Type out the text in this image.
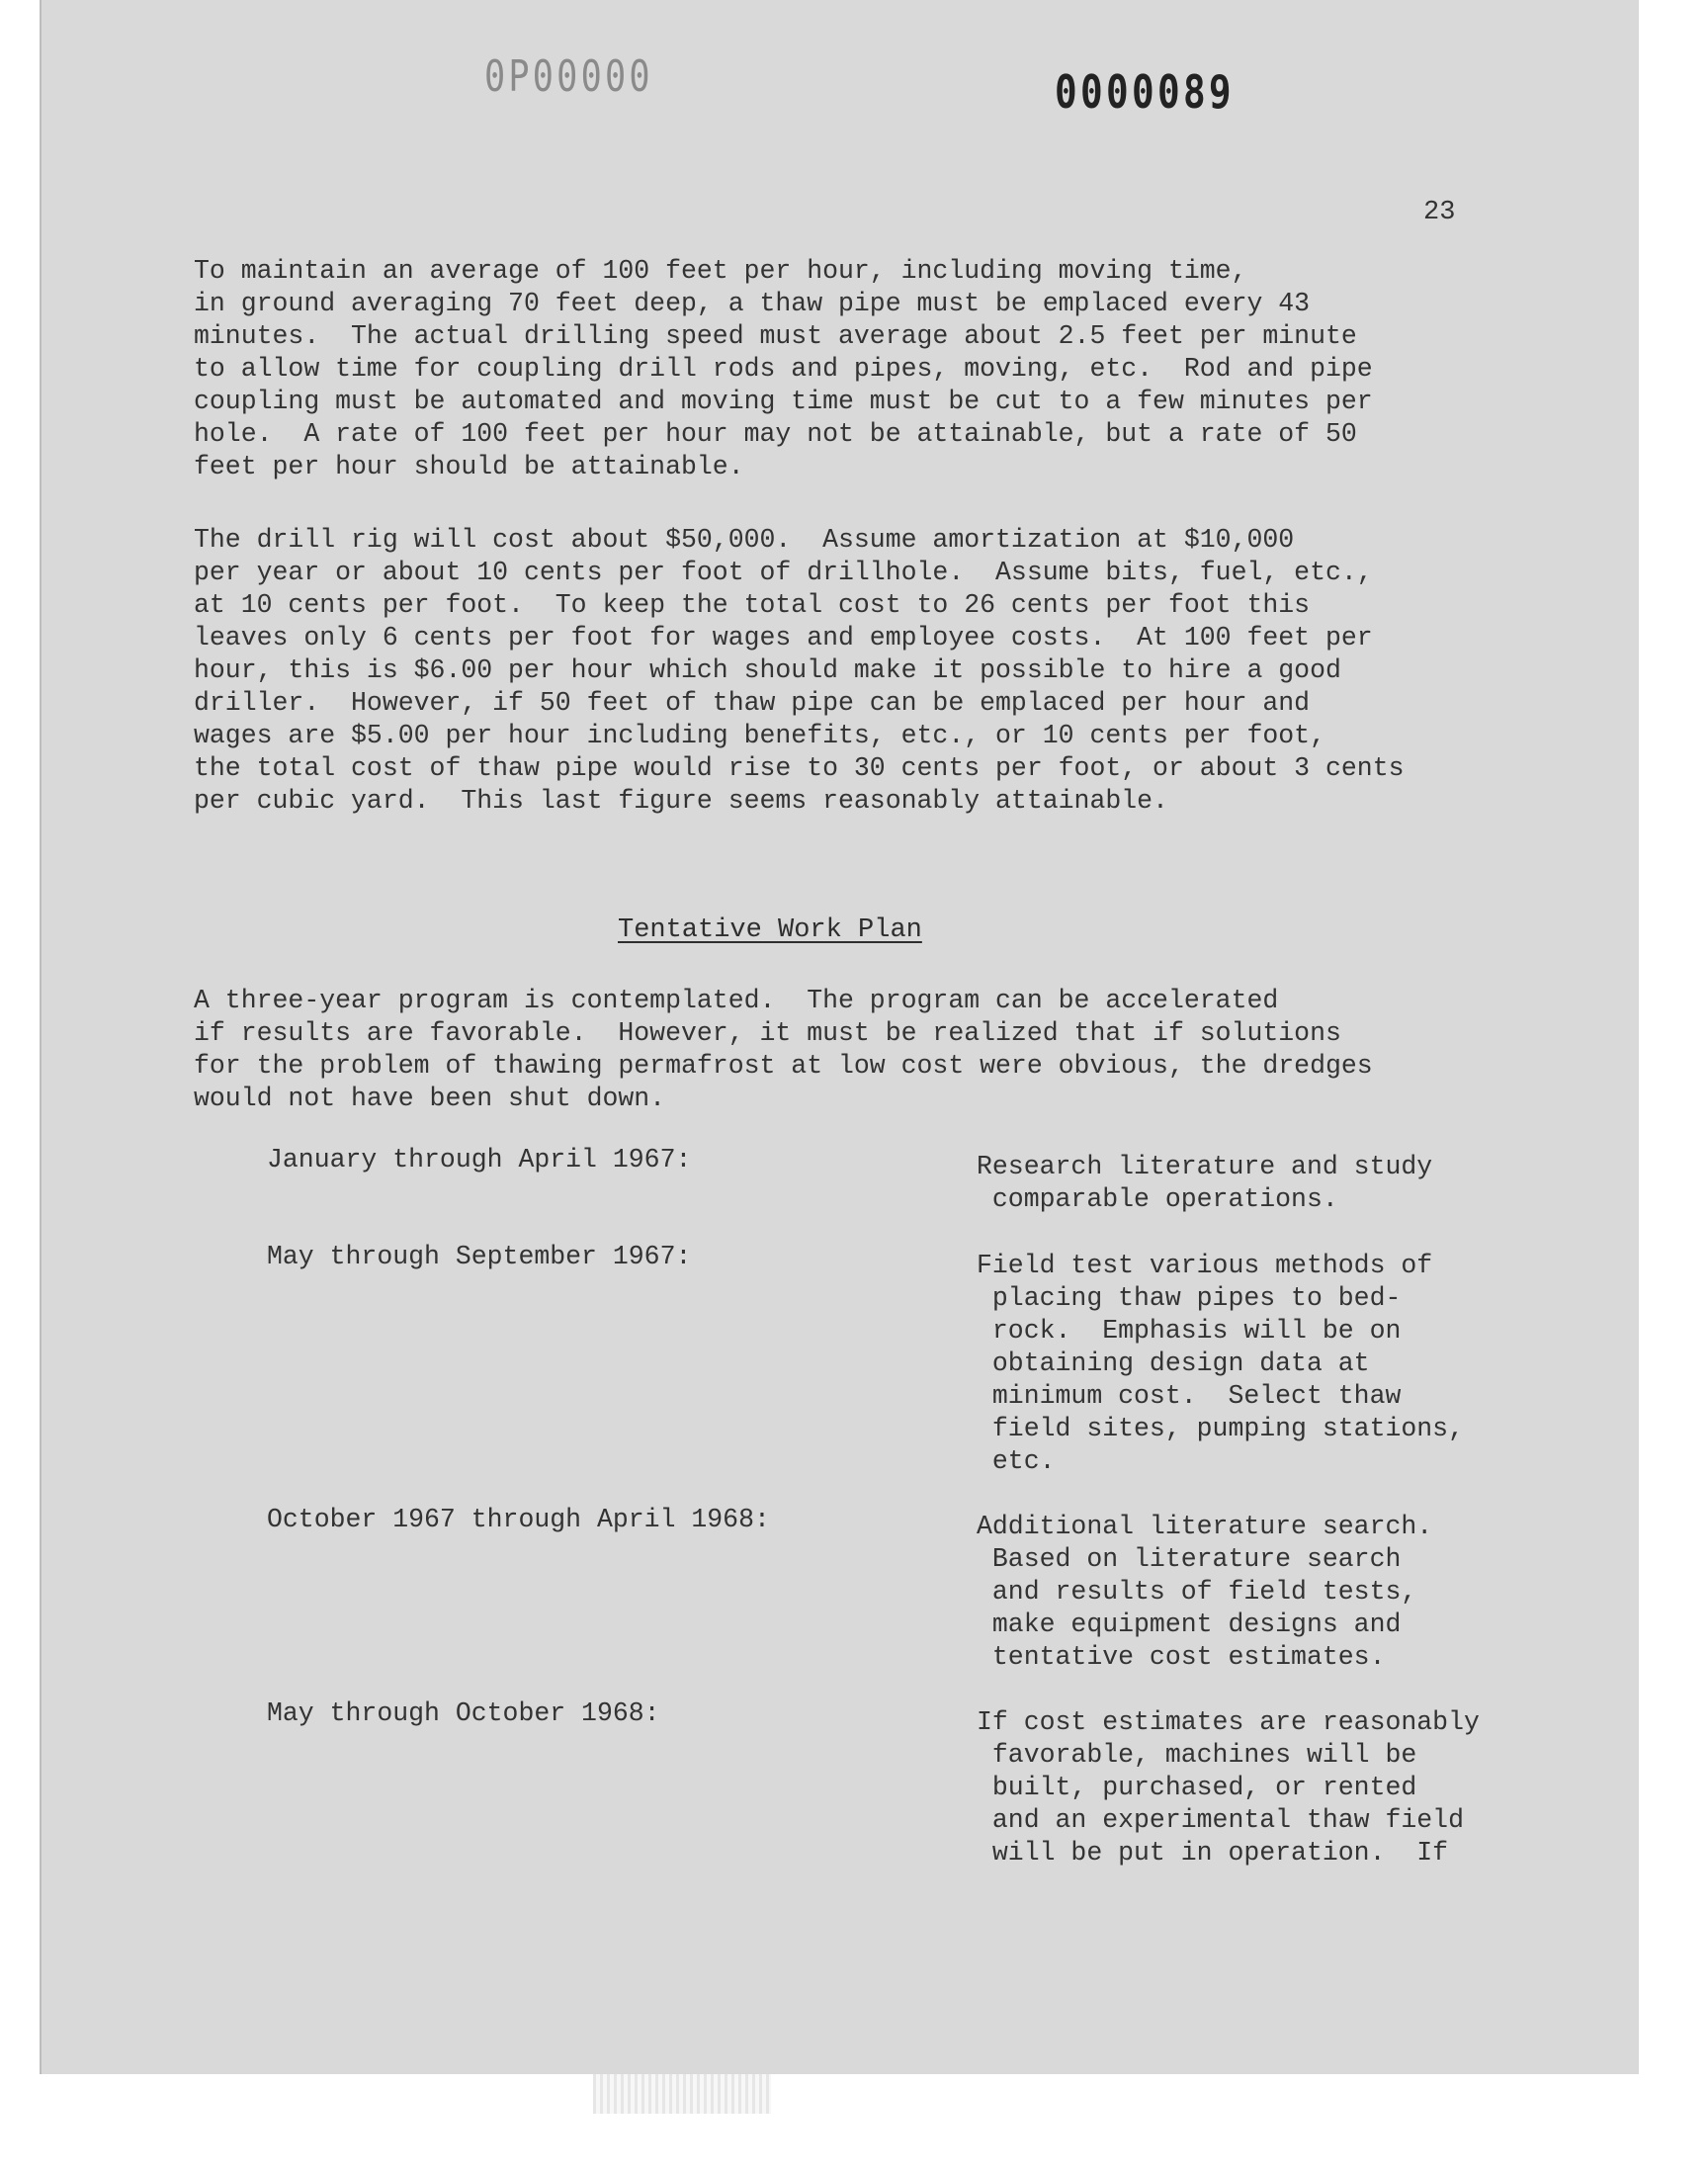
0P00000	0000089
23

To maintain an average of 100 feet per hour, including moving time,
in ground averaging 70 feet deep, a thaw pipe must be emplaced every 43
minutes.  The actual drilling speed must average about 2.5 feet per minute
to allow time for coupling drill rods and pipes, moving, etc.  Rod and pipe
coupling must be automated and moving time must be cut to a few minutes per
hole.  A rate of 100 feet per hour may not be attainable, but a rate of 50
feet per hour should be attainable.

The drill rig will cost about $50,000.  Assume amortization at $10,000
per year or about 10 cents per foot of drillhole.  Assume bits, fuel, etc.,
at 10 cents per foot.  To keep the total cost to 26 cents per foot this
leaves only 6 cents per foot for wages and employee costs.  At 100 feet per
hour, this is $6.00 per hour which should make it possible to hire a good
driller.  However, if 50 feet of thaw pipe can be emplaced per hour and
wages are $5.00 per hour including benefits, etc., or 10 cents per foot,
the total cost of thaw pipe would rise to 30 cents per foot, or about 3 cents
per cubic yard.  This last figure seems reasonably attainable.

Tentative Work Plan

A three-year program is contemplated.  The program can be accelerated
if results are favorable.  However, it must be realized that if solutions
for the problem of thawing permafrost at low cost were obvious, the dredges
would not have been shut down.

January through April 1967:	Research literature and study
comparable operations.

May through September 1967:	Field test various methods of
placing thaw pipes to bed-
rock.  Emphasis will be on
obtaining design data at
minimum cost.  Select thaw
field sites, pumping stations,
etc.

October 1967 through April 1968:	Additional literature search.
Based on literature search
and results of field tests,
make equipment designs and
tentative cost estimates.

May through October 1968:	If cost estimates are reasonably
favorable, machines will be
built, purchased, or rented
and an experimental thaw field
will be put in operation.  If
